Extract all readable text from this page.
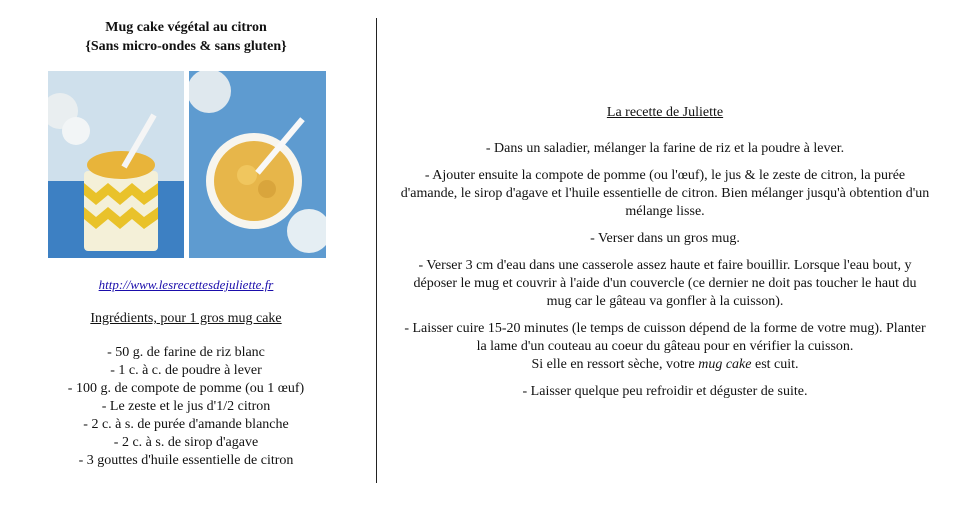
Mug cake végétal au citron

{Sans micro-ondes & sans gluten}

http://www.lesrecettesdejuliette.fr
Ingrédients, pour 1 gros mug cake
- 50 g. de farine de riz blanc
- 1 c. à c. de poudre à lever
- 100 g. de compote de pomme (ou 1 œuf)
- Le zeste et le jus d'1/2 citron
- 2 c. à s. de purée d'amande blanche
- 2 c. à s. de sirop d'agave
- 3 gouttes d'huile essentielle de citron

La recette de Juliette

- Dans un saladier, mélanger la farine de riz et la poudre à lever.

- Ajouter ensuite la compote de pomme (ou l'œuf), le jus & le zeste de citron, la purée d'amande, le sirop d'agave et l'huile essentielle de citron. Bien mélanger jusqu'à obtention d'un mélange lisse.

- Verser dans un gros mug.

- Verser 3 cm d'eau dans une casserole assez haute et faire bouillir. Lorsque l'eau bout, y déposer le mug et couvrir à l'aide d'un couvercle (ce dernier ne doit pas toucher le haut du mug car le gâteau va gonfler à la cuisson).

- Laisser cuire 15-20 minutes (le temps de cuisson dépend de la forme de votre mug). Planter la lame d'un couteau au coeur du gâteau pour en vérifier la cuisson.

Si elle en ressort sèche, votre mug cake est cuit.

- Laisser quelque peu refroidir et déguster de suite.
